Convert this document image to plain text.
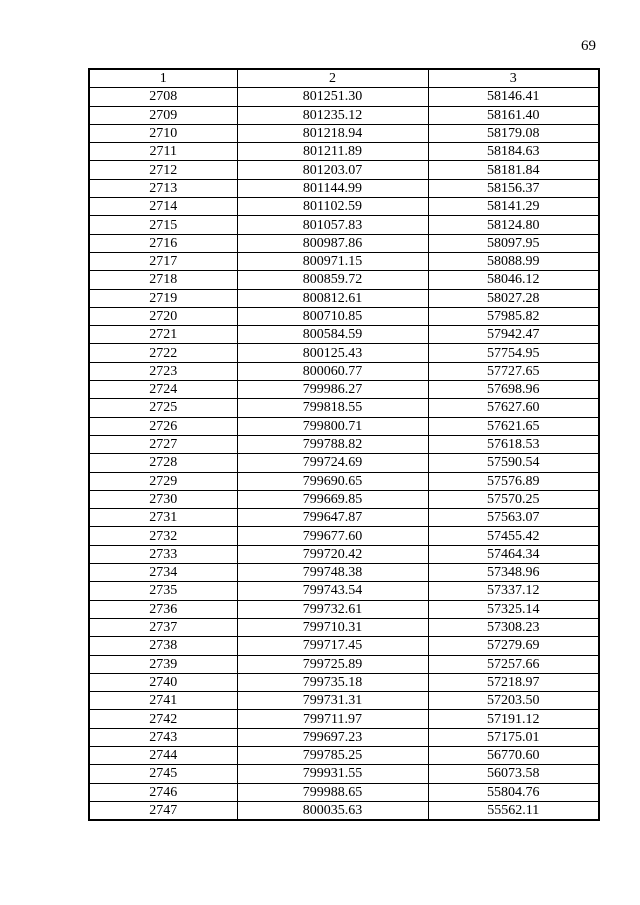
69
1	2	3
2708	801251.30	58146.41
2709	801235.12	58161.40
2710	801218.94	58179.08
2711	801211.89	58184.63
2712	801203.07	58181.84
2713	801144.99	58156.37
2714	801102.59	58141.29
2715	801057.83	58124.80
2716	800987.86	58097.95
2717	800971.15	58088.99
2718	800859.72	58046.12
2719	800812.61	58027.28
2720	800710.85	57985.82
2721	800584.59	57942.47
2722	800125.43	57754.95
2723	800060.77	57727.65
2724	799986.27	57698.96
2725	799818.55	57627.60
2726	799800.71	57621.65
2727	799788.82	57618.53
2728	799724.69	57590.54
2729	799690.65	57576.89
2730	799669.85	57570.25
2731	799647.87	57563.07
2732	799677.60	57455.42
2733	799720.42	57464.34
2734	799748.38	57348.96
2735	799743.54	57337.12
2736	799732.61	57325.14
2737	799710.31	57308.23
2738	799717.45	57279.69
2739	799725.89	57257.66
2740	799735.18	57218.97
2741	799731.31	57203.50
2742	799711.97	57191.12
2743	799697.23	57175.01
2744	799785.25	56770.60
2745	799931.55	56073.58
2746	799988.65	55804.76
2747	800035.63	55562.11
